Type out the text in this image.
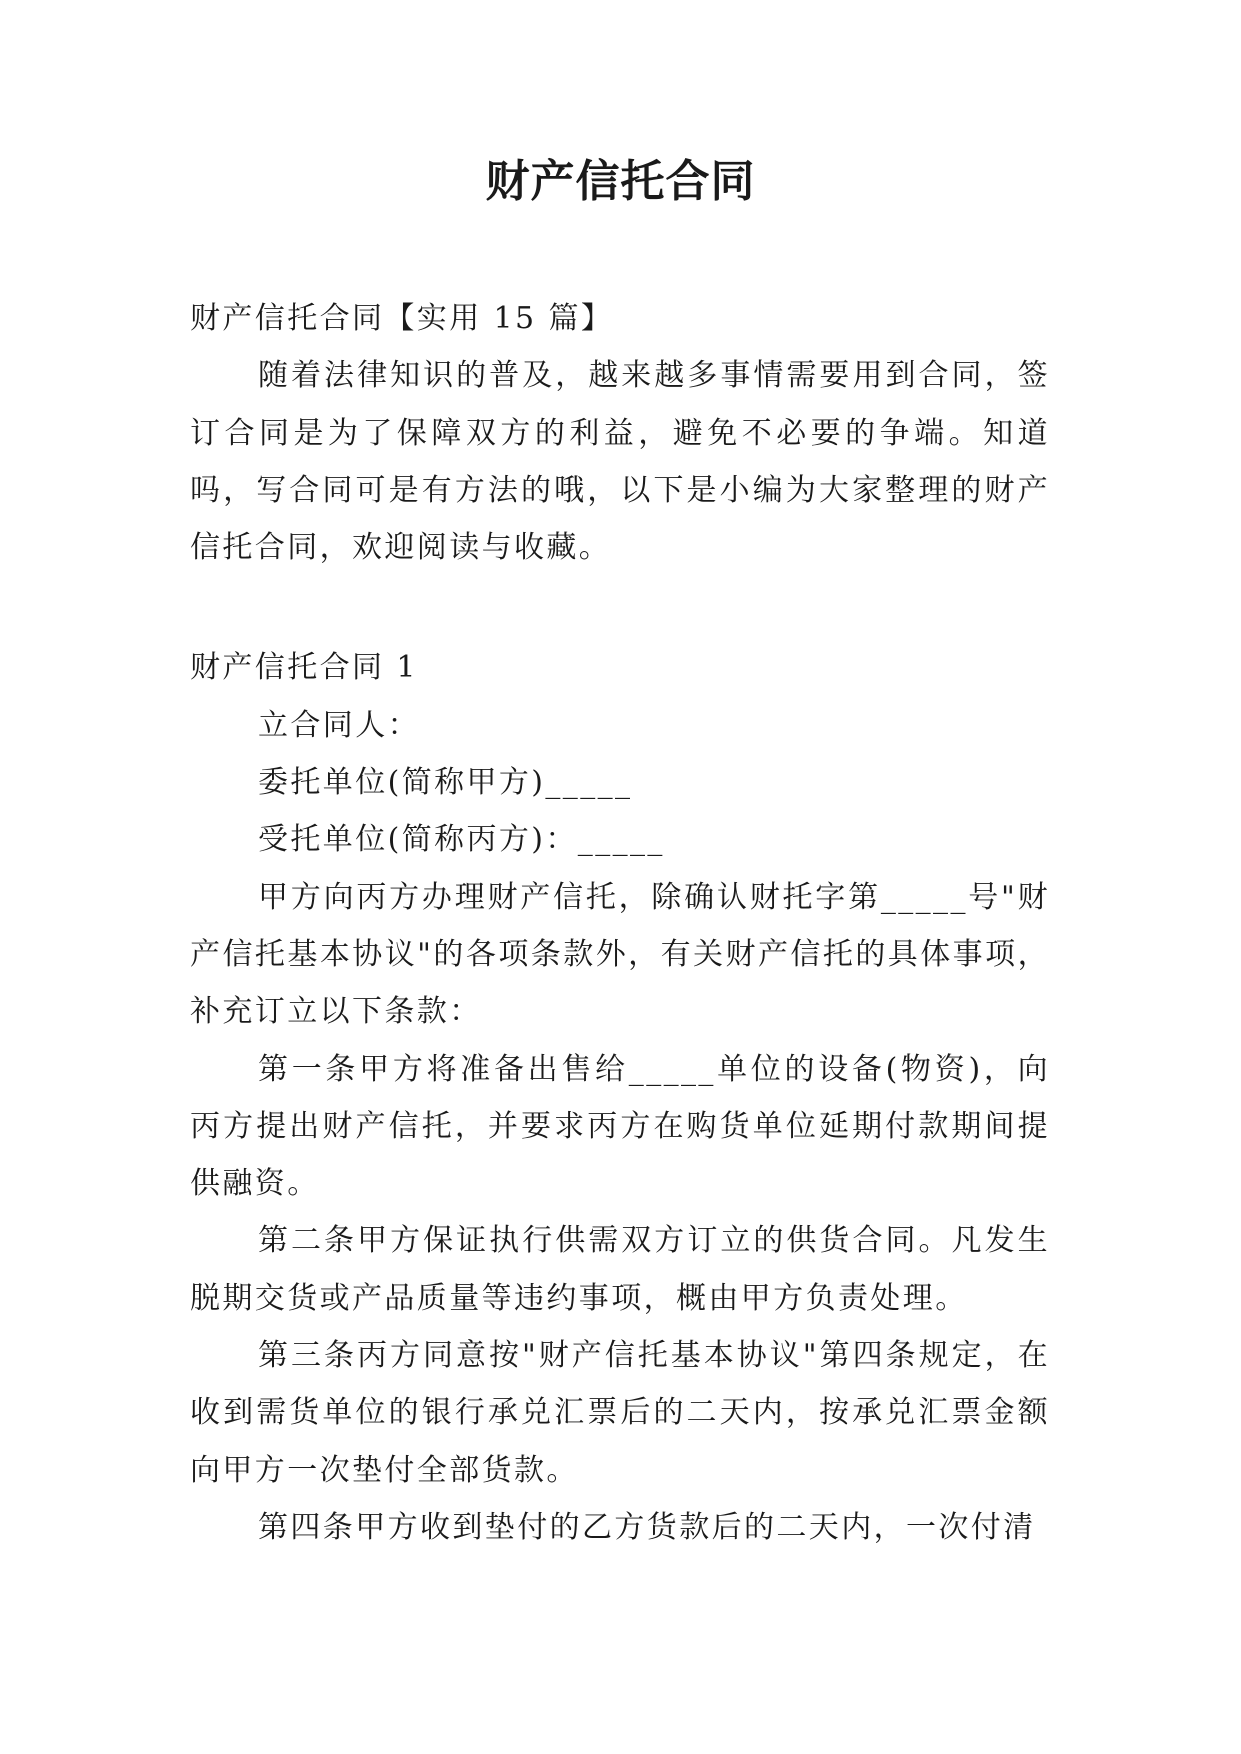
财产信托合同

财产信托合同【实用 15 篇】

随着法律知识的普及，越来越多事情需要用到合同，签订合同是为了保障双方的利益，避免不必要的争端。知道吗，写合同可是有方法的哦，以下是小编为大家整理的财产信托合同，欢迎阅读与收藏。

财产信托合同 1

立合同人：

委托单位(简称甲方)_____

受托单位(简称丙方)：_____

甲方向丙方办理财产信托，除确认财托字第_____号"财产信托基本协议"的各项条款外，有关财产信托的具体事项，补充订立以下条款：

第一条甲方将准备出售给_____单位的设备(物资)，向丙方提出财产信托，并要求丙方在购货单位延期付款期间提供融资。

第二条甲方保证执行供需双方订立的供货合同。凡发生脱期交货或产品质量等违约事项，概由甲方负责处理。

第三条丙方同意按"财产信托基本协议"第四条规定，在收到需货单位的银行承兑汇票后的二天内，按承兑汇票金额向甲方一次垫付全部货款。

第四条甲方收到垫付的乙方货款后的二天内，一次付清
